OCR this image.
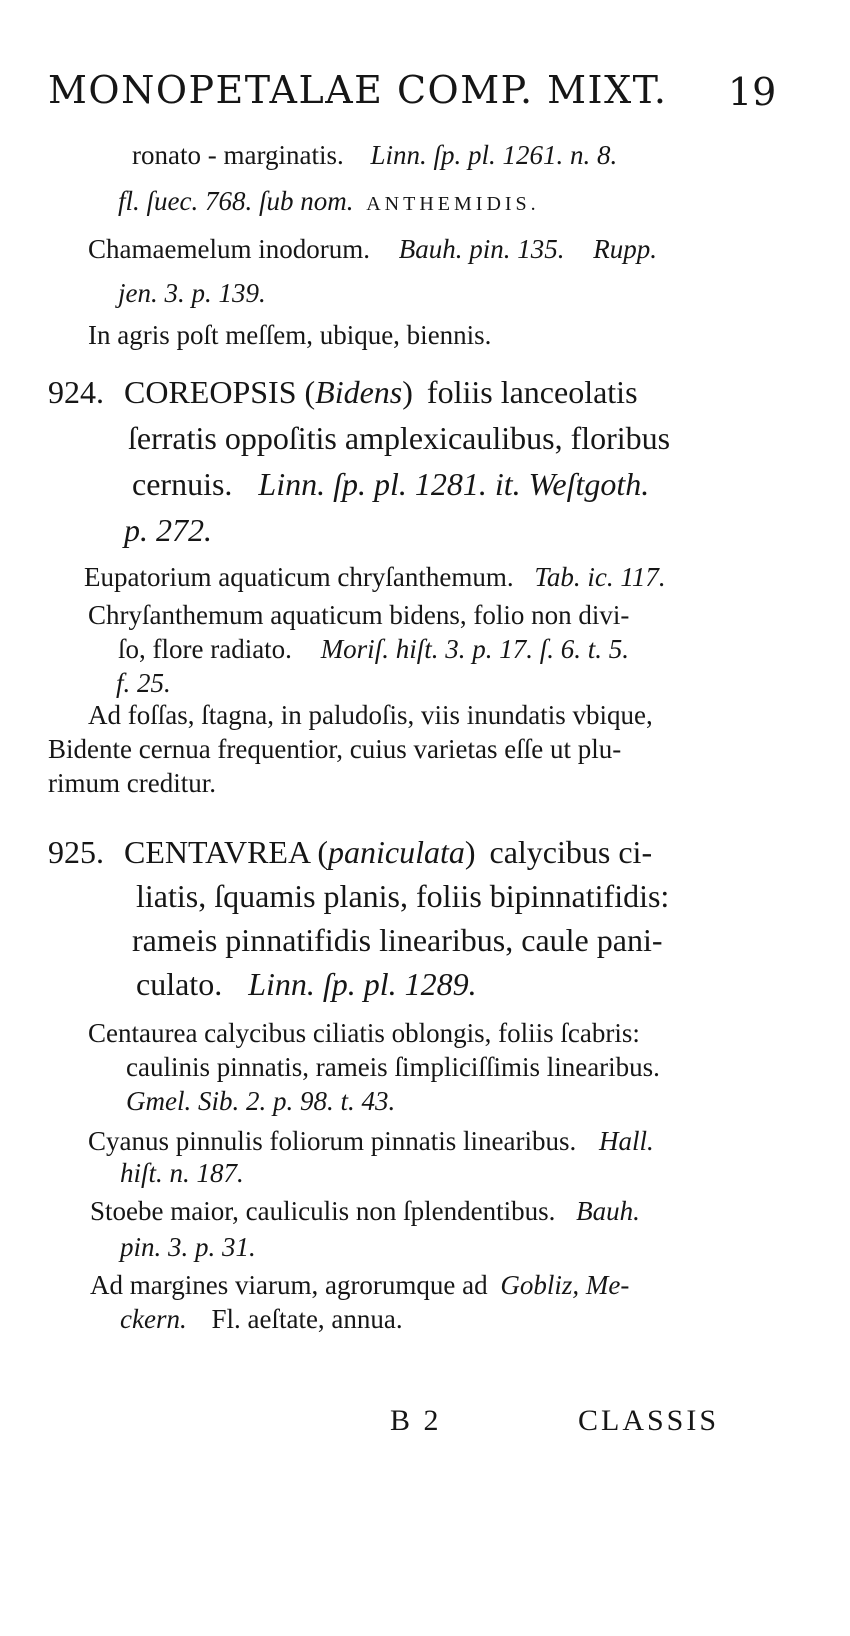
MONOPETALAE COMP. MIXT. 19
ronato - marginatis. Linn. ſp. pl. 1261. n. 8.
fl. ſuec. 768. ſub nom. ANTHEMIDIS.
Chamaemelum inodorum. Bauh. pin. 135. Rupp.
jen. 3. p. 139.
In agris poſt meſſem, ubique, biennis.
924. COREOPSIS (Bidens) foliis lanceolatis
ſerratis oppoſitis amplexicaulibus, floribus
cernuis. Linn. ſp. pl. 1281. it. Weſtgoth.
p. 272.
Eupatorium aquaticum chryſanthemum. Tab. ic. 117.
Chryſanthemum aquaticum bidens, folio non divi-
ſo, flore radiato. Moriſ. hiſt. 3. p. 17. ſ. 6. t. 5.
f. 25.
Ad foſſas, ſtagna, in paludoſis, viis inundatis vbique,
Bidente cernua frequentior, cuius varietas eſſe ut plu-
rimum creditur.
925. CENTAVREA (paniculata) calycibus ci-
liatis, ſquamis planis, foliis bipinnatifidis:
rameis pinnatifidis linearibus, caule pani-
culato. Linn. ſp. pl. 1289.
Centaurea calycibus ciliatis oblongis, foliis ſcabris:
caulinis pinnatis, rameis ſimpliciſſimis linearibus.
Gmel. Sib. 2. p. 98. t. 43.
Cyanus pinnulis foliorum pinnatis linearibus. Hall.
hiſt. n. 187.
Stoebe maior, cauliculis non ſplendentibus. Bauh.
pin. 3. p. 31.
Ad margines viarum, agrorumque ad Gobliz, Me-
ckern. Fl. aeſtate, annua.
B 2	CLASSIS
